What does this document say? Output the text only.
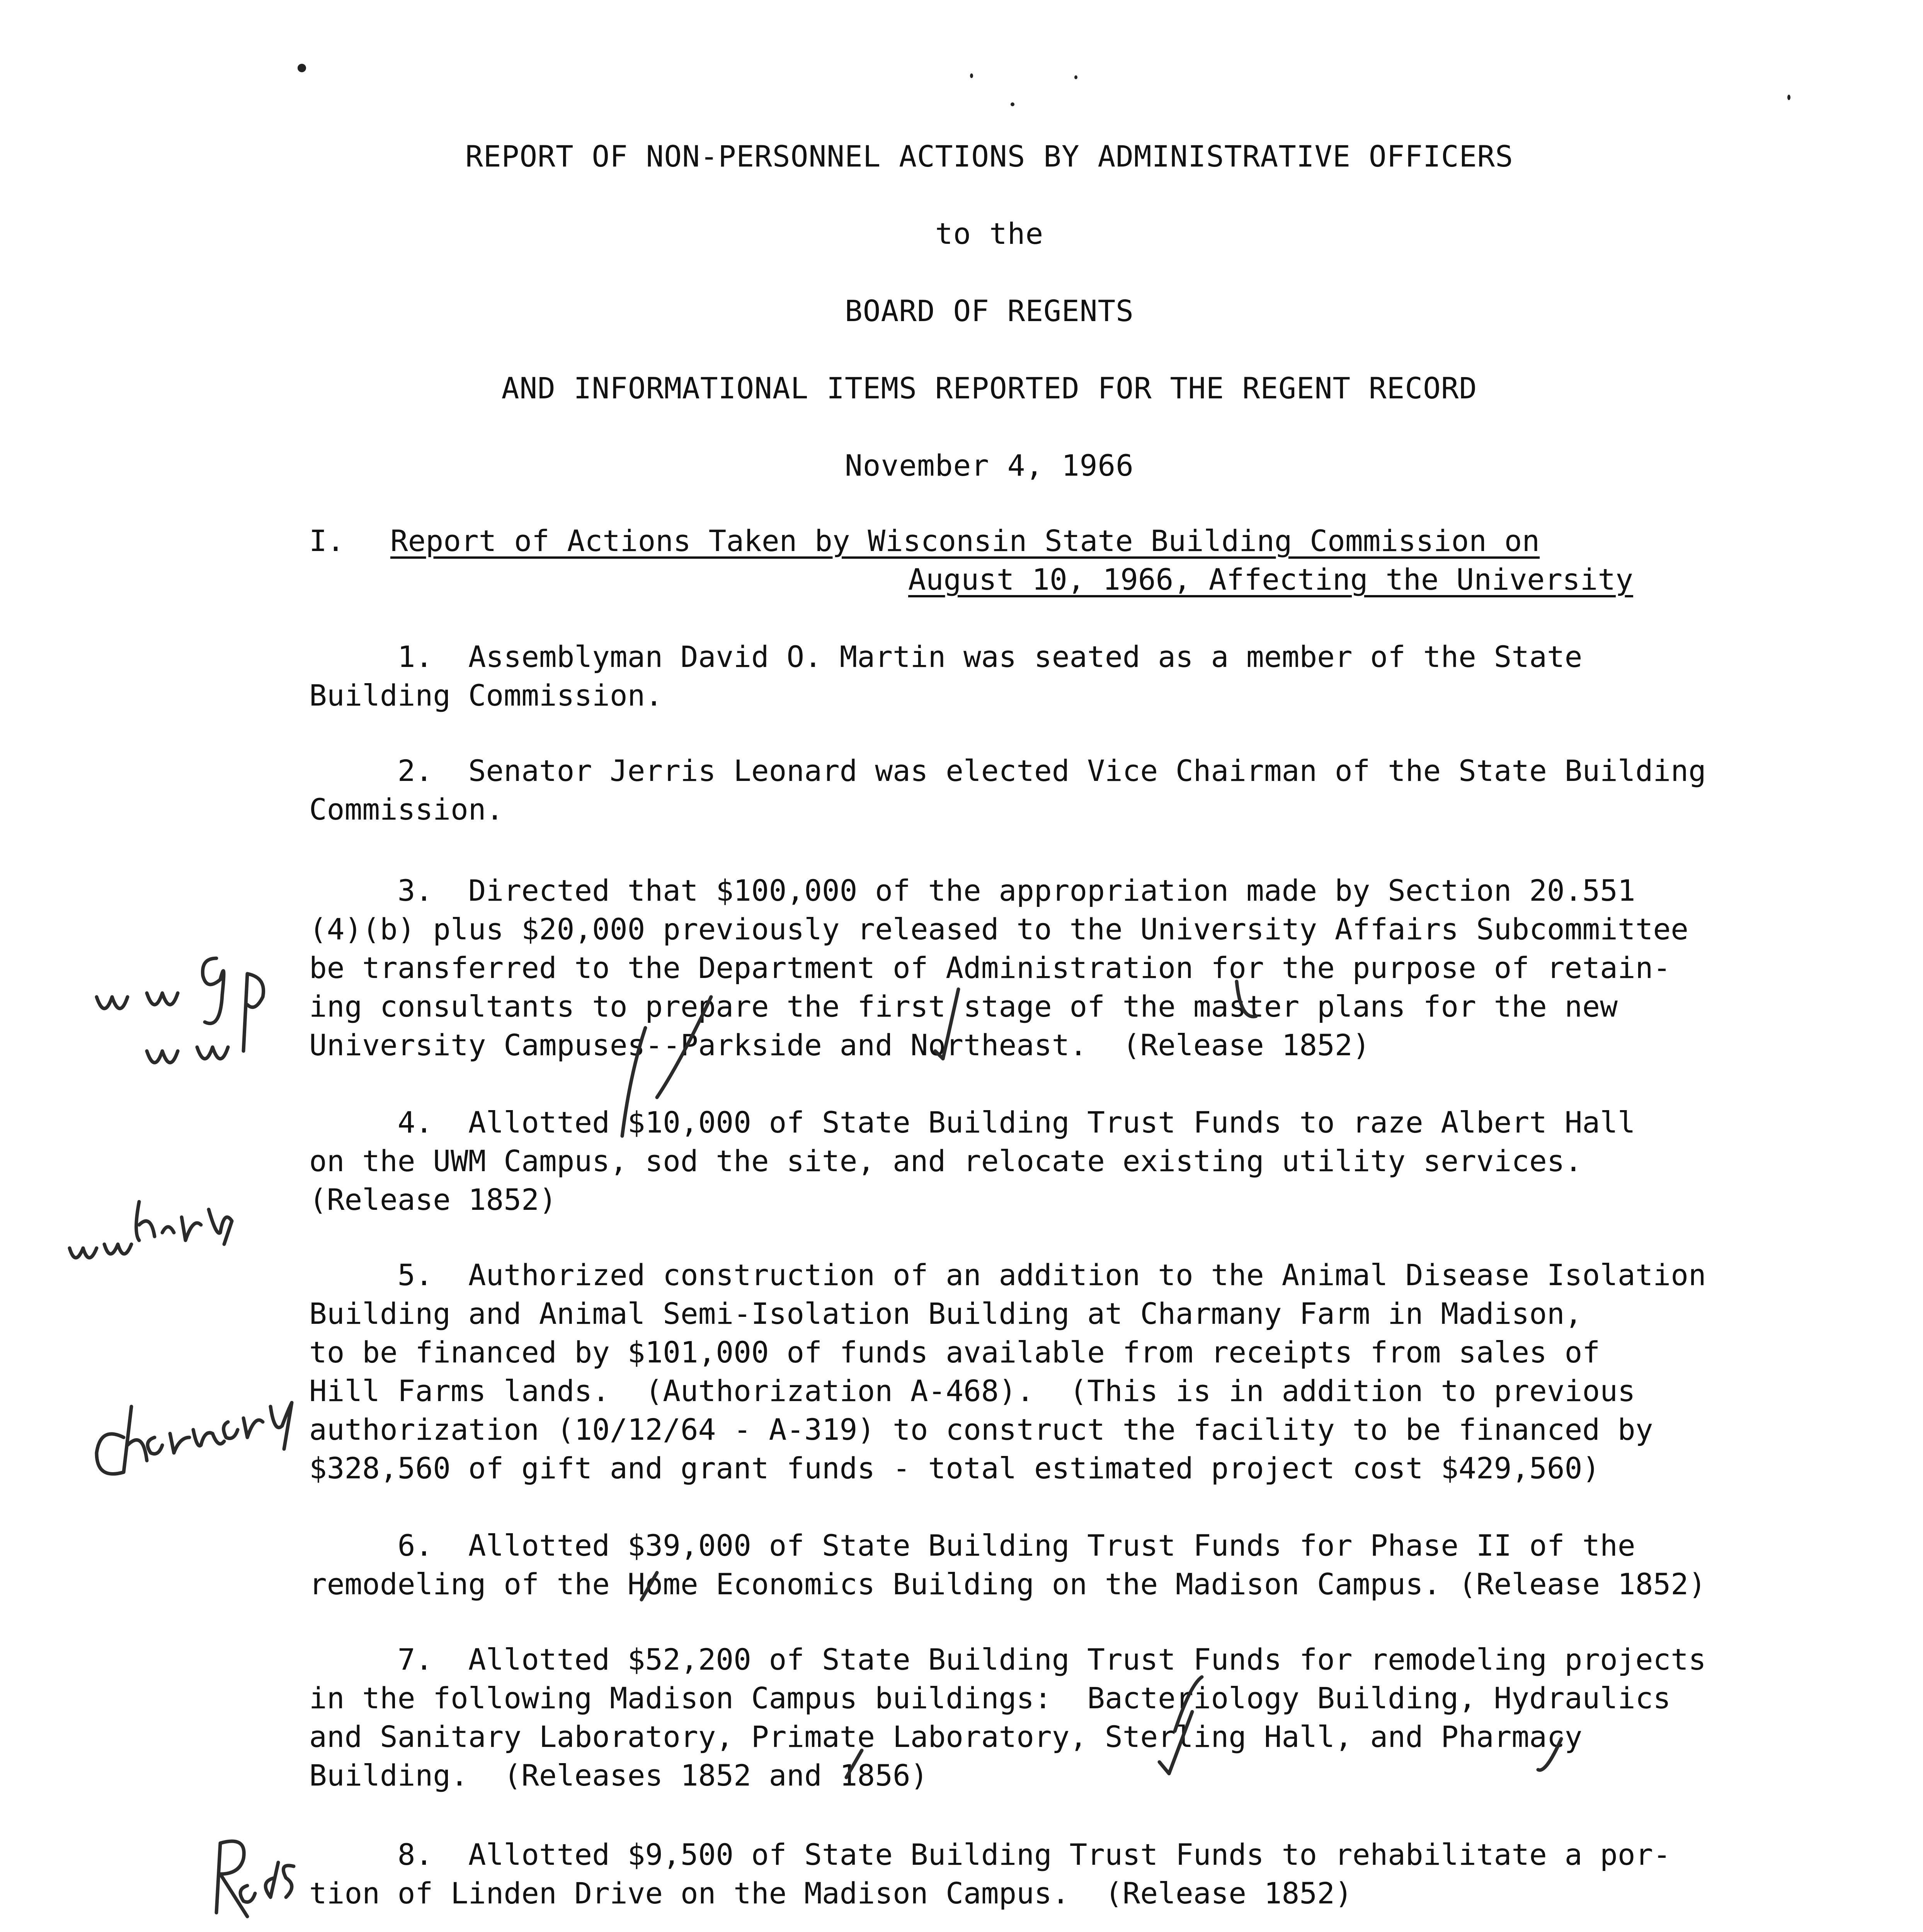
REPORT OF NON-PERSONNEL ACTIONS BY ADMINISTRATIVE OFFICERS
to the
BOARD OF REGENTS
AND INFORMATIONAL ITEMS REPORTED FOR THE REGENT RECORD
November 4, 1966
I. Report of Actions Taken by Wisconsin State Building Commission on
August 10, 1966, Affecting the University
1.  Assemblyman David O. Martin was seated as a member of the State
Building Commission.
2.  Senator Jerris Leonard was elected Vice Chairman of the State Building
Commission.
3.  Directed that $100,000 of the appropriation made by Section 20.551
(4)(b) plus $20,000 previously released to the University Affairs Subcommittee
be transferred to the Department of Administration for the purpose of retain-
ing consultants to prepare the first stage of the master plans for the new
University Campuses--Parkside and Northeast.  (Release 1852)
4.  Allotted $10,000 of State Building Trust Funds to raze Albert Hall
on the UWM Campus, sod the site, and relocate existing utility services.
(Release 1852)
5.  Authorized construction of an addition to the Animal Disease Isolation
Building and Animal Semi-Isolation Building at Charmany Farm in Madison,
to be financed by $101,000 of funds available from receipts from sales of
Hill Farms lands.  (Authorization A-468).  (This is in addition to previous
authorization (10/12/64 - A-319) to construct the facility to be financed by
$328,560 of gift and grant funds - total estimated project cost $429,560)
6.  Allotted $39,000 of State Building Trust Funds for Phase II of the
remodeling of the Home Economics Building on the Madison Campus. (Release 1852)
7.  Allotted $52,200 of State Building Trust Funds for remodeling projects
in the following Madison Campus buildings:  Bacteriology Building, Hydraulics
and Sanitary Laboratory, Primate Laboratory, Sterling Hall, and Pharmacy
Building.  (Releases 1852 and 1856)
8.  Allotted $9,500 of State Building Trust Funds to rehabilitate a por-
tion of Linden Drive on the Madison Campus.  (Release 1852)
